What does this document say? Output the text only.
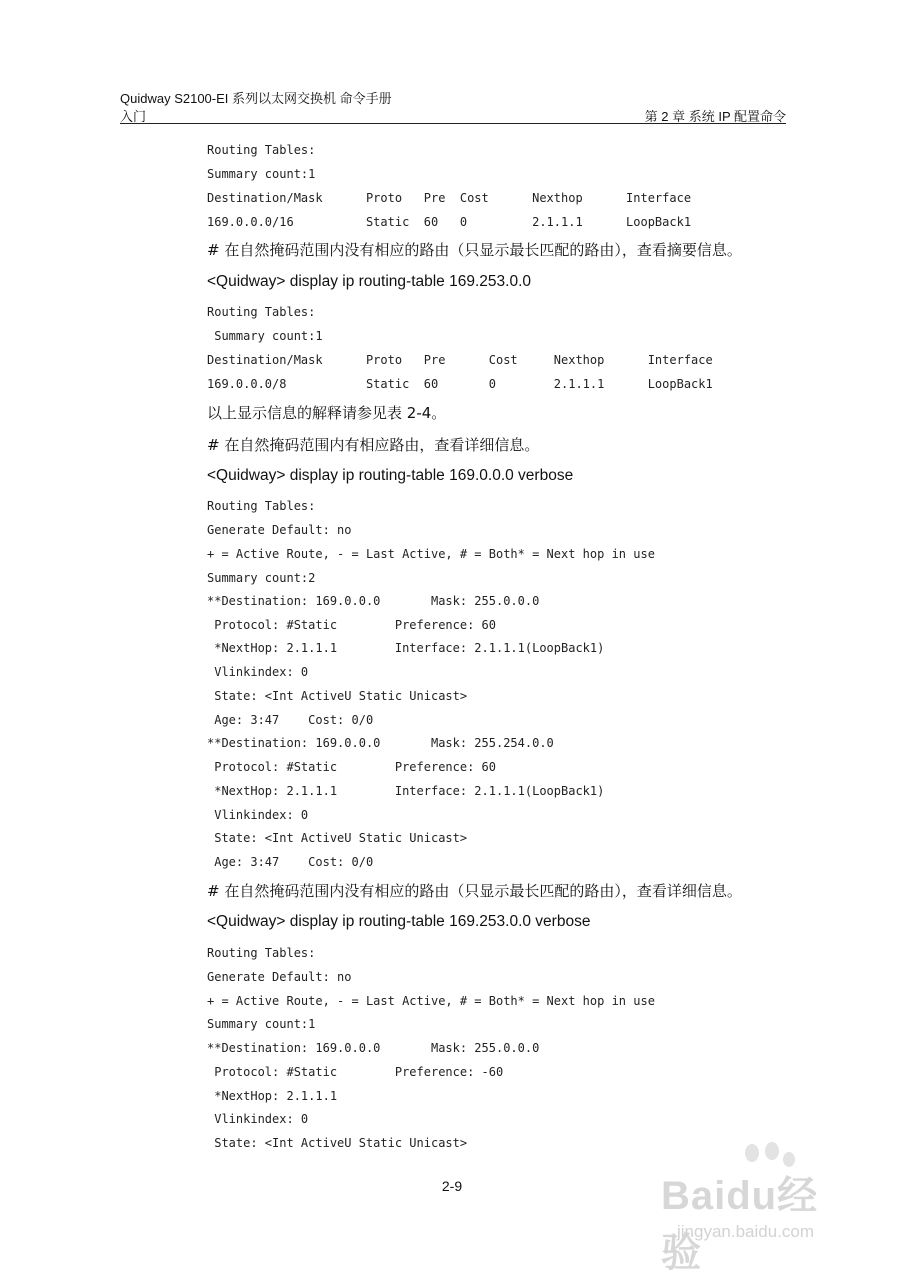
Quidway S2100-EI 系列以太网交换机 命令手册
入门	第 2 章 系统 IP 配置命令
Routing Tables:
Summary count:1
Destination/Mask      Proto   Pre  Cost      Nexthop      Interface
169.0.0.0/16          Static  60   0         2.1.1.1      LoopBack1
# 在自然掩码范围内没有相应的路由（只显示最长匹配的路由），查看摘要信息。
<Quidway> display ip routing-table 169.253.0.0
Routing Tables:
Summary count:1
Destination/Mask      Proto   Pre      Cost     Nexthop      Interface
169.0.0.0/8           Static  60       0        2.1.1.1      LoopBack1
以上显示信息的解释请参见表 2-4。
# 在自然掩码范围内有相应路由，查看详细信息。
<Quidway> display ip routing-table 169.0.0.0 verbose
Routing Tables:
Generate Default: no
+ = Active Route, - = Last Active, # = Both* = Next hop in use
Summary count:2
**Destination: 169.0.0.0       Mask: 255.0.0.0
Protocol: #Static        Preference: 60
*NextHop: 2.1.1.1        Interface: 2.1.1.1(LoopBack1)
Vlinkindex: 0
State: <Int ActiveU Static Unicast>
Age: 3:47    Cost: 0/0
**Destination: 169.0.0.0       Mask: 255.254.0.0
Protocol: #Static        Preference: 60
*NextHop: 2.1.1.1        Interface: 2.1.1.1(LoopBack1)
Vlinkindex: 0
State: <Int ActiveU Static Unicast>
Age: 3:47    Cost: 0/0
# 在自然掩码范围内没有相应的路由（只显示最长匹配的路由），查看详细信息。
<Quidway> display ip routing-table 169.253.0.0 verbose
Routing Tables:
Generate Default: no
+ = Active Route, - = Last Active, # = Both* = Next hop in use
Summary count:1
**Destination: 169.0.0.0       Mask: 255.0.0.0
Protocol: #Static        Preference: -60
*NextHop: 2.1.1.1
Vlinkindex: 0
State: <Int ActiveU Static Unicast>
2-9	Baidu经验
jingyan.baidu.com
